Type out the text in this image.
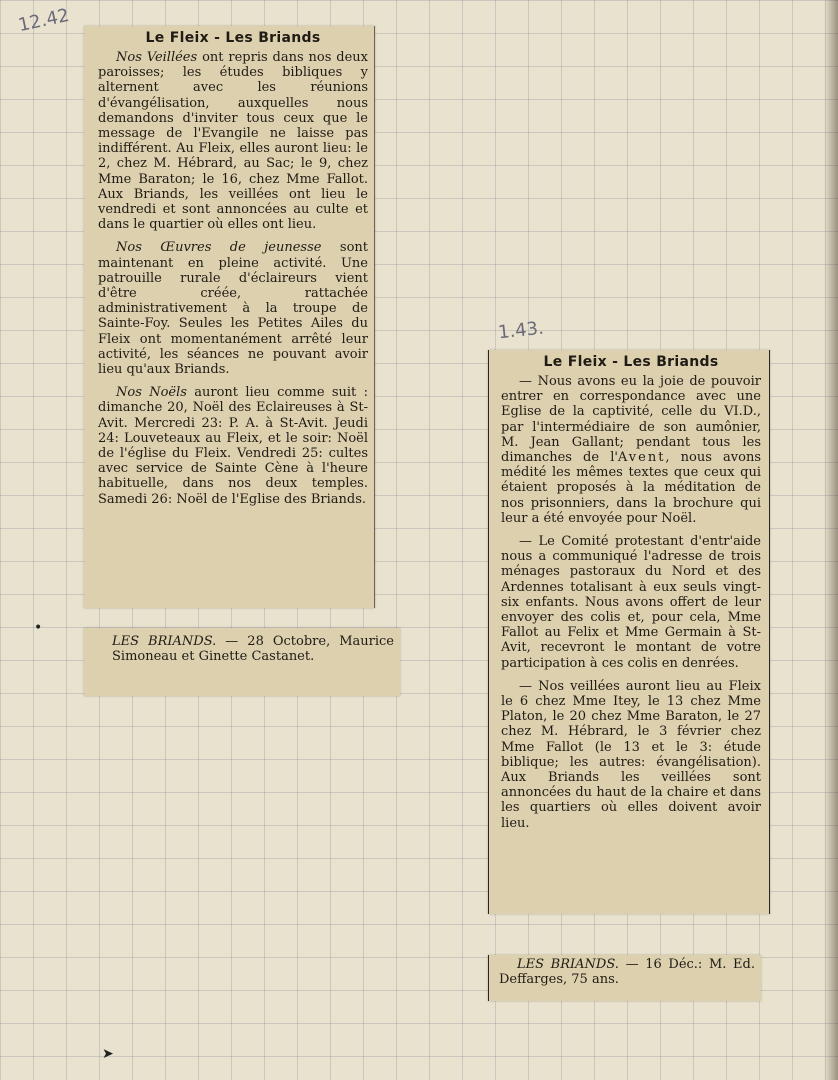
12.42
1.43.
•
➤
Le Fleix - Les Briands

Nos Veillées ont repris dans nos deux paroisses; les études bibliques y alternent avec les réunions d'évangélisation, auxquelles nous demandons d'inviter tous ceux que le message de l'Evangile ne laisse pas indifférent. Au Fleix, elles auront lieu: le 2, chez M. Hébrard, au Sac; le 9, chez Mme Baraton; le 16, chez Mme Fallot. Aux Briands, les veillées ont lieu le vendredi et sont annoncées au culte et dans le quartier où elles ont lieu.

Nos Œuvres de jeunesse sont maintenant en pleine activité. Une patrouille rurale d'éclaireurs vient d'être créée, rattachée administrativement à la troupe de Sainte-Foy. Seules les Petites Ailes du Fleix ont momentanément arrêté leur activité, les séances ne pouvant avoir lieu qu'aux Briands.

Nos Noëls auront lieu comme suit : dimanche 20, Noël des Eclaireuses à St-Avit. Mercredi 23: P. A. à St-Avit. Jeudi 24: Louveteaux au Fleix, et le soir: Noël de l'église du Fleix. Vendredi 25: cultes avec service de Sainte Cène à l'heure habituelle, dans nos deux temples. Samedi 26: Noël de l'Eglise des Briands.

LES BRIANDS. — 28 Octobre, Maurice Simoneau et Ginette Castanet.

Le Fleix - Les Briands

— Nous avons eu la joie de pouvoir entrer en correspondance avec une Eglise de la captivité, celle du VI.D., par l'intermédiaire de son aumônier, M. Jean Gallant; pendant tous les dimanches de l'Avent, nous avons médité les mêmes textes que ceux qui étaient proposés à la méditation de nos prisonniers, dans la brochure qui leur a été envoyée pour Noël.

— Le Comité protestant d'entr'aide nous a communiqué l'adresse de trois ménages pastoraux du Nord et des Ardennes totalisant à eux seuls vingt-six enfants. Nous avons offert de leur envoyer des colis et, pour cela, Mme Fallot au Felix et Mme Germain à St-Avit, recevront le montant de votre participation à ces colis en denrées.

— Nos veillées auront lieu au Fleix le 6 chez Mme Itey, le 13 chez Mme Platon, le 20 chez Mme Baraton, le 27 chez M. Hébrard, le 3 février chez Mme Fallot (le 13 et le 3: étude biblique; les autres: évangélisation). Aux Briands les veillées sont annoncées du haut de la chaire et dans les quartiers où elles doivent avoir lieu.

LES BRIANDS. — 16 Déc.: M. Ed. Deffarges, 75 ans.
